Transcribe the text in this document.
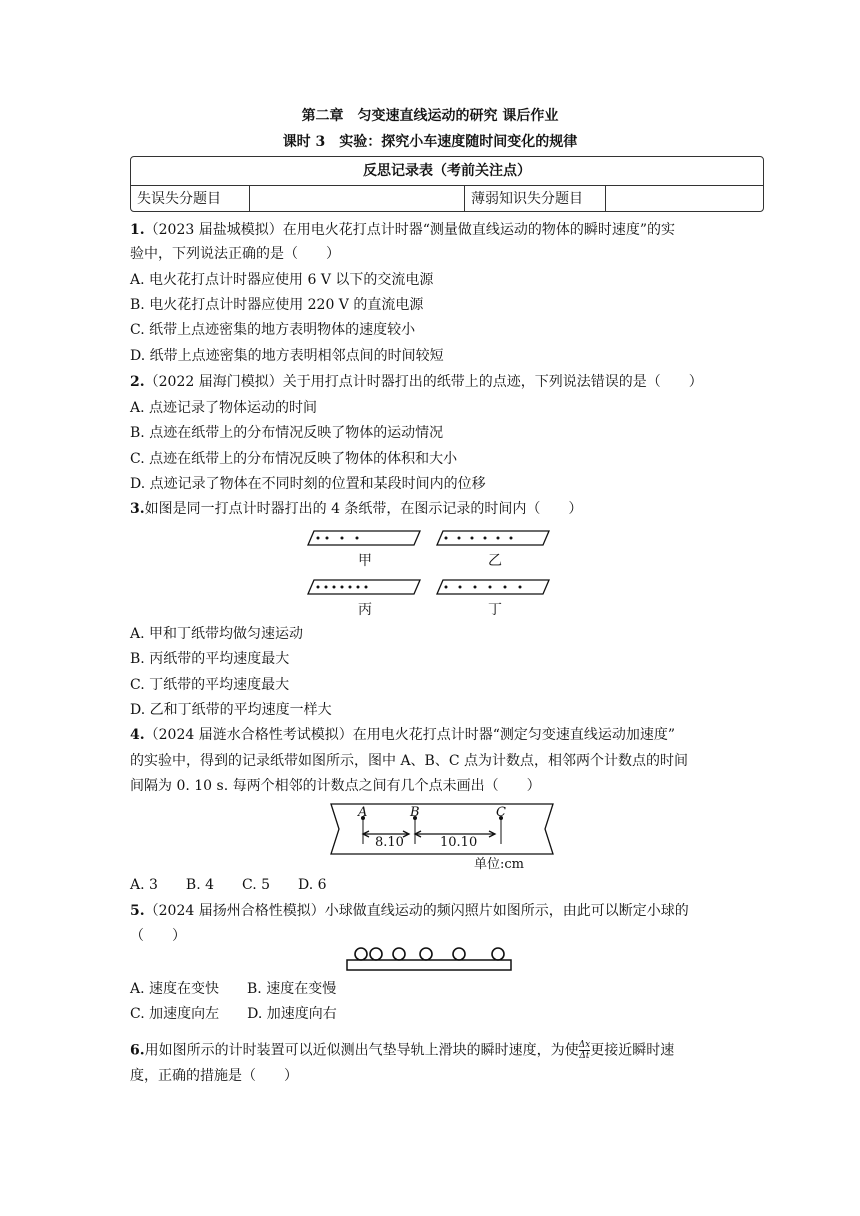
第二章　匀变速直线运动的研究 课后作业
课时 3　实验：探究小车速度随时间变化的规律
反思记录表（考前关注点）
失误失分题目	薄弱知识失分题目
1.（2023 届盐城模拟）在用电火花打点计时器“测量做直线运动的物体的瞬时速度”的实
验中，下列说法正确的是（　　）
A. 电火花打点计时器应使用 6 V 以下的交流电源
B. 电火花打点计时器应使用 220 V 的直流电源
C. 纸带上点迹密集的地方表明物体的速度较小
D. 纸带上点迹密集的地方表明相邻点间的时间较短
2.（2022 届海门模拟）关于用打点计时器打出的纸带上的点迹，下列说法错误的是（　　）
A. 点迹记录了物体运动的时间
B. 点迹在纸带上的分布情况反映了物体的运动情况
C. 点迹在纸带上的分布情况反映了物体的体积和大小
D. 点迹记录了物体在不同时刻的位置和某段时间内的位移
3.如图是同一打点计时器打出的 4 条纸带，在图示记录的时间内（　　）
甲	乙
丙	丁
A. 甲和丁纸带均做匀速运动
B. 丙纸带的平均速度最大
C. 丁纸带的平均速度最大
D. 乙和丁纸带的平均速度一样大
4.（2024 届涟水合格性考试模拟）在用电火花打点计时器“测定匀变速直线运动加速度”
的实验中，得到的记录纸带如图所示，图中 A、B、C 点为计数点，相邻两个计数点的时间
间隔为 0. 10 s. 每两个相邻的计数点之间有几个点未画出（　　）
A	B	C
8.10	10.10
单位:cm
A. 3　　B. 4　　C. 5　　D. 6
5.（2024 届扬州合格性模拟）小球做直线运动的频闪照片如图所示，由此可以断定小球的
（　　）
A. 速度在变快　　B. 速度在变慢
C. 加速度向左　　D. 加速度向右
6.用如图所示的计时装置可以近似测出气垫导轨上滑块的瞬时速度，为使 $\frac{\Delta x}{\Delta t}$更接近瞬时速
度，正确的措施是（　　）
